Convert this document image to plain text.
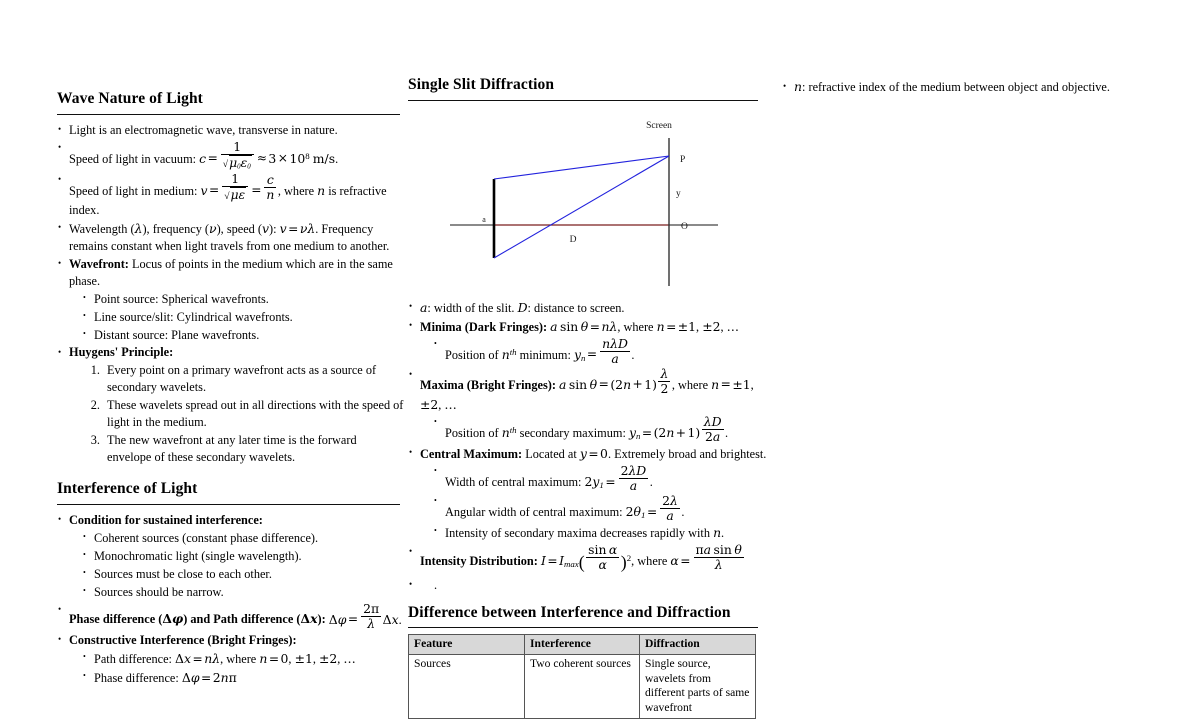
Wave Nature of Light
• Light is an electromagnetic wave, transverse in nature.
• Speed of light in vacuum: $c = \frac{1}{√\mu_0\varepsilon_0} \approx 3 \times 10^8$ m/s.
• Speed of light in medium: $v = \frac{1}{√\mu\varepsilon} = \frac{c}{n}$ , where n is refractive index.
• Wavelength (λ), frequency (ν), speed (v): v = νλ. Frequency remains constant when light travels from one medium to another.
• Wavefront: Locus of points in the medium which are in the same phase.
• Point source: Spherical wavefronts.
• Line source/slit: Cylindrical wavefronts.
• Distant source: Plane wavefronts.
• Huygens' Principle:
1. Every point on a primary wavefront acts as a source of secondary wavelets.
2. These wavelets spread out in all directions with the speed of light in the medium.
3. The new wavefront at any later time is the forward envelope of these secondary wavelets.
Interference of Light
• Condition for sustained interference:
• Coherent sources (constant phase difference).
• Monochromatic light (single wavelength).
• Sources must be close to each other.
• Sources should be narrow.
• Phase difference (Δφ) and Path difference (Δx): $\Delta\varphi = \frac{2\pi}{\lambda} \Delta x$.
• Constructive Interference (Bright Fringes):
• Path difference: Δx = nλ, where n = 0, ±1, ±2, …
• Phase difference: Δφ = 2nπ
Single Slit Diffraction
Screen
P
y
O
D
a
• a: width of the slit. D: distance to screen.
• Minima (Dark Fringes): a sin θ = nλ, where n = ±1, ±2, …
• Position of $n^{th}$ minimum: $y_n = \frac{\text{nλD}}{a}$ .
• Maxima (Bright Fringes): a $\sin \theta = (2n + 1) \frac{\lambda}{2}$ , where n = ±1, ±2, …
• Position of $n^{th}$ secondary maximum: $y_n = (2n + 1) \frac{\lambda D}{2a}$ .
• Central Maximum: Located at y = 0. Extremely broad and brightest.
• Width of central maximum: $2y_1 = \frac{2\lambda D}{a}$ .
• Angular width of central maximum: $2\theta_1 = \frac{2\lambda}{a}$ .
• Intensity of secondary maxima decreases rapidly with n.
• Intensity Distribution: $I = I_{max}( \frac{\text{sin α}}{\alpha} )^2$, where $\alpha = \frac{\text{πa sin θ}}{\lambda}$
• .
Difference between Interference and Diffraction
Feature	Interference	Diffraction
Sources	Two coherent sources	Single source, wavelets from different parts of same wavefront
• n: refractive index of the medium between object and objective.
